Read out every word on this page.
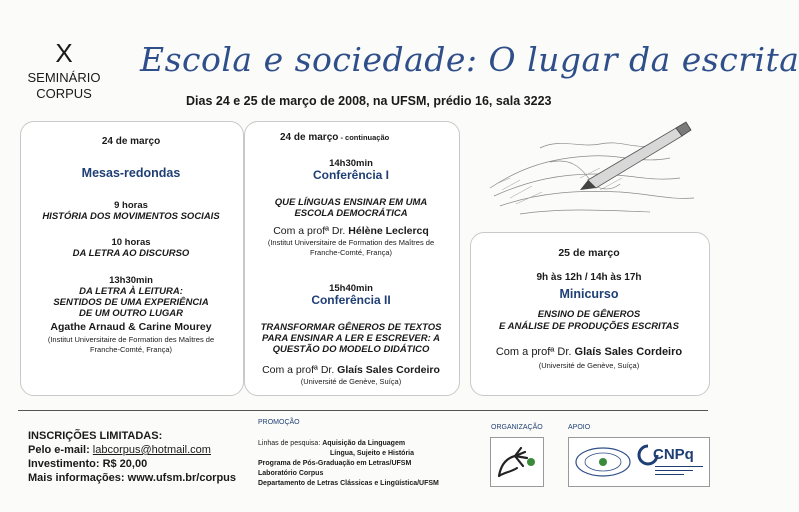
X
SEMINÁRIO
CORPUS
Escola e sociedade: O lugar da escrita
Dias 24 e 25 de março de 2008, na UFSM, prédio 16, sala 3223
24 de março
Mesas-redondas
9 horas
HISTÓRIA DOS MOVIMENTOS SOCIAIS
10 horas
DA LETRA AO DISCURSO
13h30min
DA LETRA À LEITURA:
SENTIDOS DE UMA EXPERIÊNCIA
DE UM OUTRO LUGAR
Agathe Arnaud & Carine Mourey
(Institut Universitaire de Formation des Maîtres de
Franche-Comté, França)
24 de março - continuação
14h30min
Conferência I
QUE LÍNGUAS ENSINAR EM UMA
ESCOLA DEMOCRÁTICA
Com a profª Dr. Hélène Leclercq
(Institut Universitaire de Formation des Maîtres de
Franche-Comté, França)
15h40min
Conferência II
TRANSFORMAR GÊNEROS DE TEXTOS
PARA ENSINAR A LER E ESCREVER: A
QUESTÃO DO MODELO DIDÁTICO
Com a profª Dr. Glaís Sales Cordeiro
(Université de Genève, Suíça)
25 de março
9h às 12h / 14h às 17h
Minicurso
ENSINO DE GÊNEROS
E ANÁLISE DE PRODUÇÕES ESCRITAS
Com a profª Dr. Glaís Sales Cordeiro
(Université de Genève, Suíça)
INSCRIÇÕES LIMITADAS:
Pelo e-mail: labcorpus@hotmail.com
Investimento: R$ 20,00
Mais informações: www.ufsm.br/corpus
PROMOÇÃO
Linhas de pesquisa: Aquisição da Linguagem
Língua, Sujeito e História
Programa de Pós-Graduação em Letras/UFSM
Laboratório Corpus
Departamento de Letras Clássicas e Lingüística/UFSM
ORGANIZAÇÃO	APOIO
CNPq
